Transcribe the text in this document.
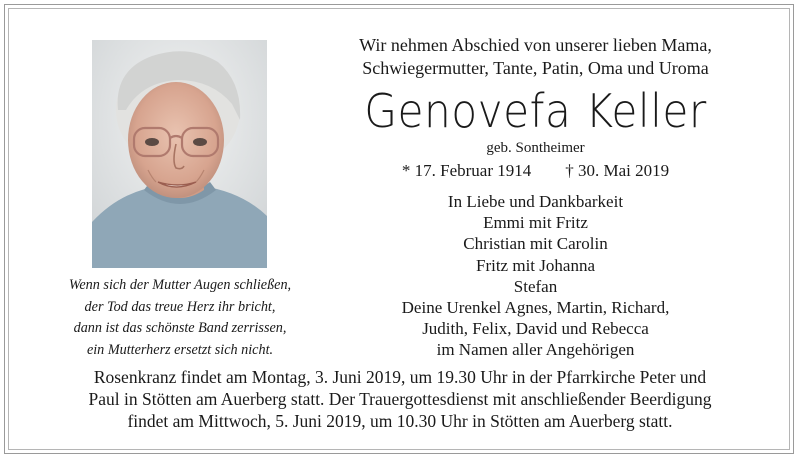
Wenn sich der Mutter Augen schließen,
der Tod das treue Herz ihr bricht,
dann ist das schönste Band zerrissen,
ein Mutterherz ersetzt sich nicht.
Wir nehmen Abschied von unserer lieben Mama,
Schwiegermutter, Tante, Patin, Oma und Uroma
Genovefa Keller
geb. Sontheimer
* 17. Februar 1914 † 30. Mai 2019
In Liebe und Dankbarkeit
Emmi mit Fritz
Christian mit Carolin
Fritz mit Johanna
Stefan
Deine Urenkel Agnes, Martin, Richard,
Judith, Felix, David und Rebecca
im Namen aller Angehörigen
Rosenkranz findet am Montag, 3. Juni 2019, um 19.30 Uhr in der Pfarrkirche Peter und
Paul in Stötten am Auerberg statt. Der Trauergottesdienst mit anschließender Beerdigung
findet am Mittwoch, 5. Juni 2019, um 10.30 Uhr in Stötten am Auerberg statt.
